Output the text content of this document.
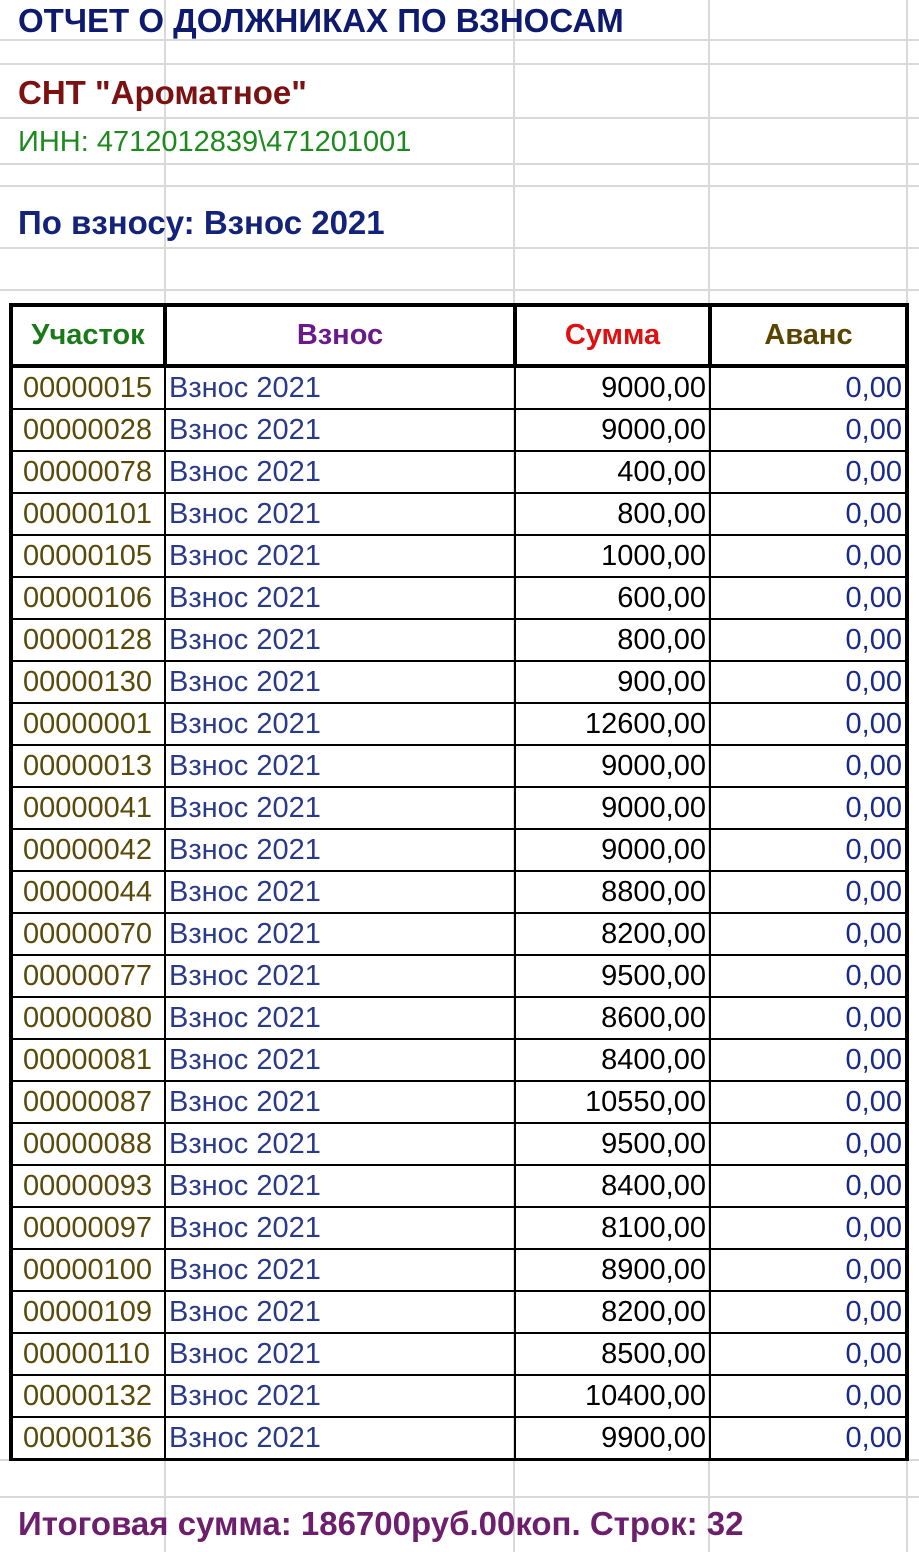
ОТЧЕТ О ДОЛЖНИКАХ ПО ВЗНОСАМ
СНТ "Ароматное"
ИНН: 4712012839\471201001
По взносу: Взнос 2021
Участок	Взнос	Сумма	Аванс
00000015	Взнос 2021	9000,00	0,00
00000028	Взнос 2021	9000,00	0,00
00000078	Взнос 2021	400,00	0,00
00000101	Взнос 2021	800,00	0,00
00000105	Взнос 2021	1000,00	0,00
00000106	Взнос 2021	600,00	0,00
00000128	Взнос 2021	800,00	0,00
00000130	Взнос 2021	900,00	0,00
00000001	Взнос 2021	12600,00	0,00
00000013	Взнос 2021	9000,00	0,00
00000041	Взнос 2021	9000,00	0,00
00000042	Взнос 2021	9000,00	0,00
00000044	Взнос 2021	8800,00	0,00
00000070	Взнос 2021	8200,00	0,00
00000077	Взнос 2021	9500,00	0,00
00000080	Взнос 2021	8600,00	0,00
00000081	Взнос 2021	8400,00	0,00
00000087	Взнос 2021	10550,00	0,00
00000088	Взнос 2021	9500,00	0,00
00000093	Взнос 2021	8400,00	0,00
00000097	Взнос 2021	8100,00	0,00
00000100	Взнос 2021	8900,00	0,00
00000109	Взнос 2021	8200,00	0,00
00000110	Взнос 2021	8500,00	0,00
00000132	Взнос 2021	10400,00	0,00
00000136	Взнос 2021	9900,00	0,00
Итоговая сумма: 186700руб.00коп. Строк: 32
